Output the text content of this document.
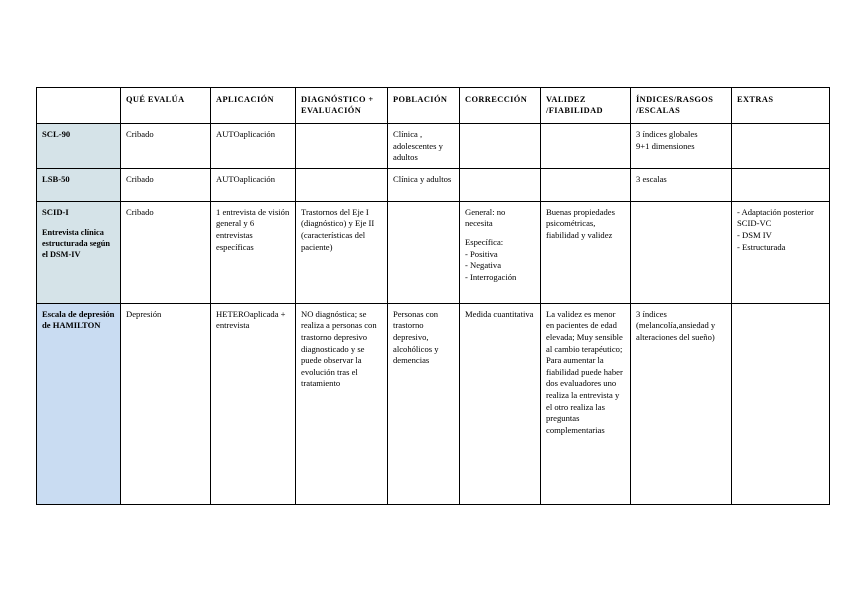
	QUÉ EVALÚA	APLICACIÓN	DIAGNÓSTICO + EVALUACIÓN	POBLACIÓN	CORRECCIÓN	VALIDEZ /FIABILIDAD	ÍNDICES/RASGOS /ESCALAS	EXTRAS
SCL-90	Cribado	AUTOaplicación		Clínica , adolescentes y adultos			3 índices globales
9+1 dimensiones	

LSB-50	Cribado	AUTOaplicación		Clínica y adultos			3 escalas	

SCID-I
Entrevista clínica estructurada según el DSM-IV	Cribado	1 entrevista de visión general y 6 entrevistas específicas	Trastornos del Eje I (diagnóstico) y Eje II (características del paciente)		General: no necesita
Específica:
- Positiva
- Negativa
- Interrogación	Buenas propiedades psicométricas, fiabilidad y validez		- Adaptación posterior SCID-VC
- DSM IV
- Estructurada

Escala de depresión de HAMILTON	Depresión	HETEROaplicada + entrevista	NO diagnóstica; se realiza a personas con trastorno depresivo diagnosticado y se puede observar la evolución tras el tratamiento	Personas con trastorno depresivo, alcohólicos y demencias	Medida cuantitativa	La validez es menor en pacientes de edad elevada; Muy sensible al cambio terapéutico; Para aumentar la fiabilidad puede haber dos evaluadores uno realiza la entrevista y el otro realiza las preguntas complementarias	3 índices (melancolía,ansiedad y alteraciones del sueño)	
